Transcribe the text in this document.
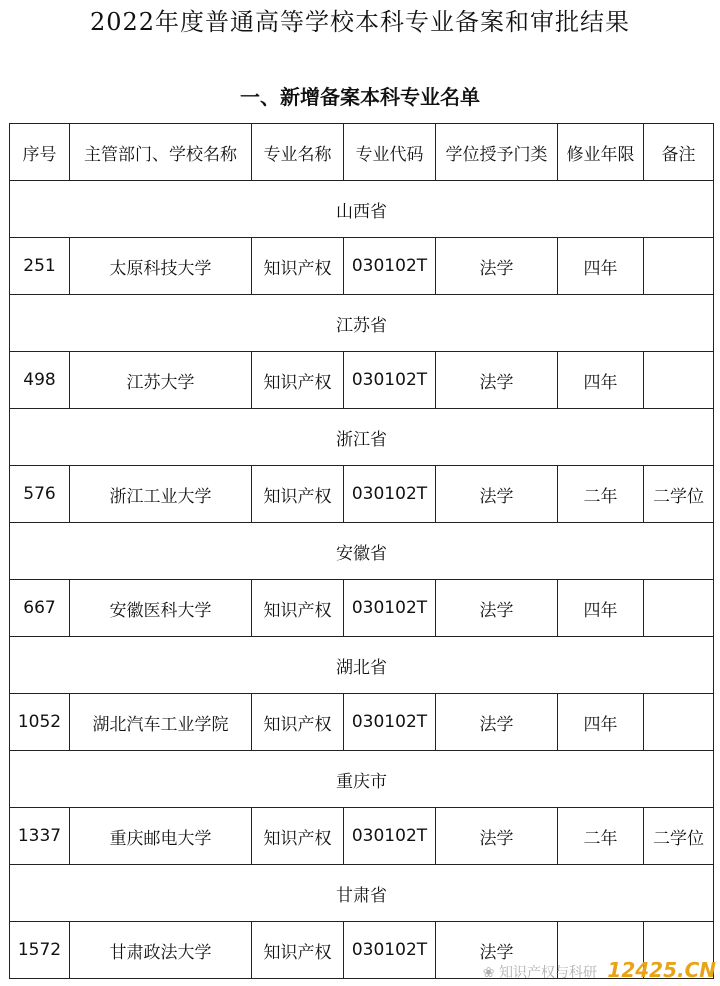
2022年度普通高等学校本科专业备案和审批结果
一、新增备案本科专业名单
序号	主管部门、学校名称	专业名称	专业代码	学位授予门类	修业年限	备注
山西省						
251	太原科技大学	知识产权	030102T	法学	四年	
江苏省						
498	江苏大学	知识产权	030102T	法学	四年	
浙江省						
576	浙江工业大学	知识产权	030102T	法学	二年	二学位
安徽省						
667	安徽医科大学	知识产权	030102T	法学	四年	
湖北省						
1052	湖北汽车工业学院	知识产权	030102T	法学	四年	
重庆市						
1337	重庆邮电大学	知识产权	030102T	法学	二年	二学位
甘肃省						
1572	甘肃政法大学	知识产权	030102T	法学		
❀ 知识产权与科研 12425.CN
